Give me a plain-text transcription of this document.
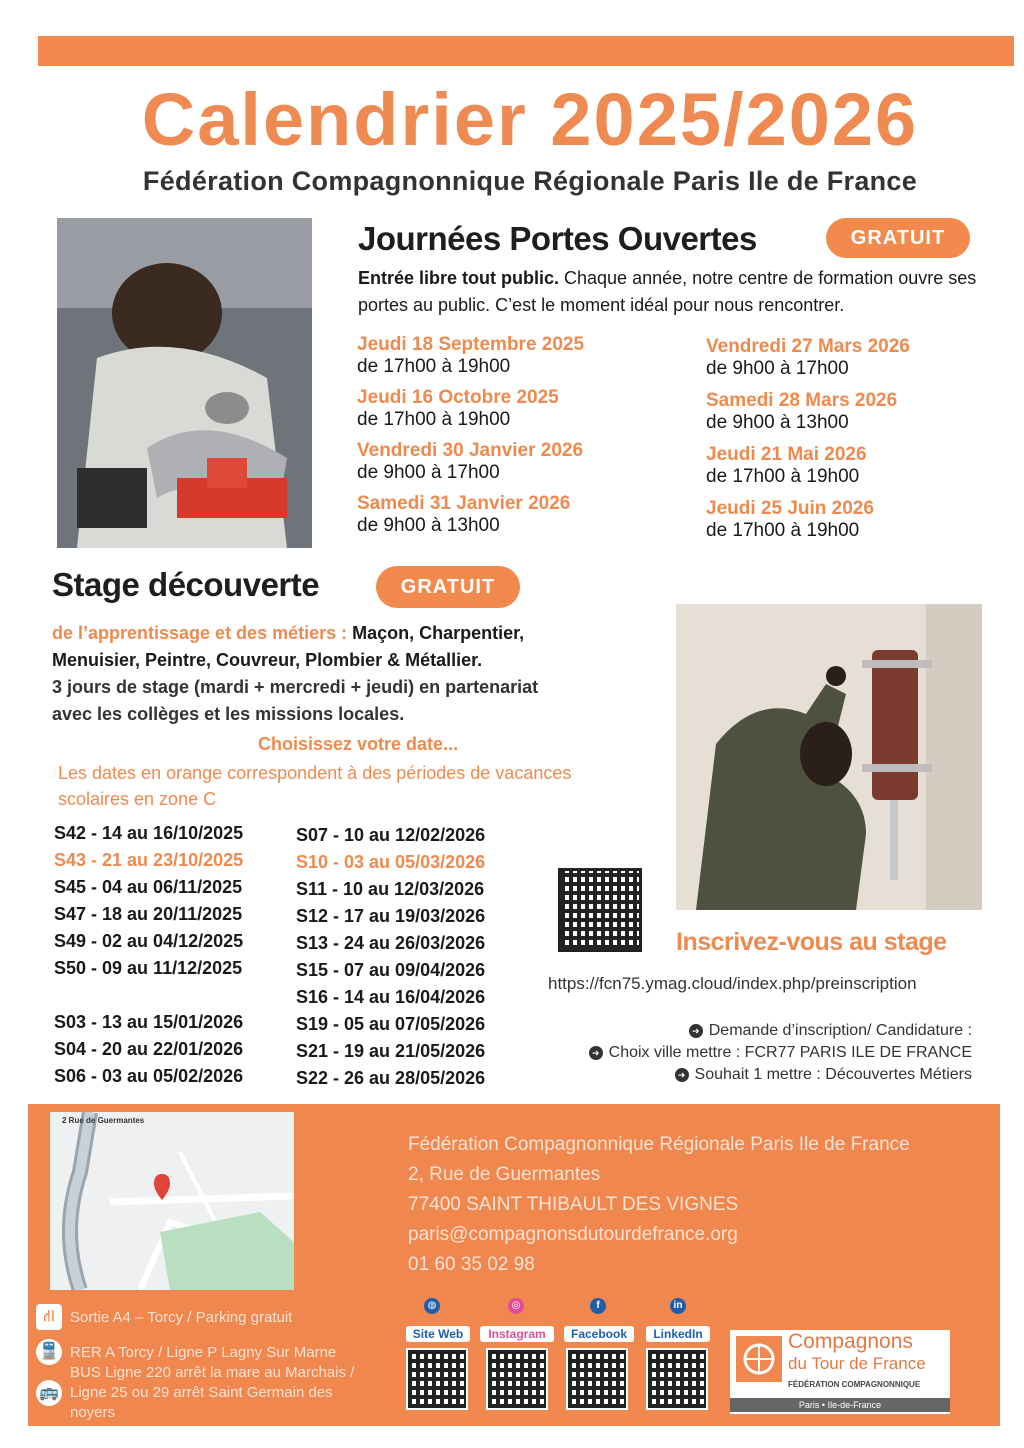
Calendrier 2025/2026
Fédération Compagnonnique Régionale Paris Ile de France
Journées Portes Ouvertes	GRATUIT
Entrée libre tout public. Chaque année, notre centre de formation ouvre ses portes au public. C’est le moment idéal pour nous rencontrer.
Jeudi 18 Septembre 2025
de 17h00 à 19h00
Jeudi 16 Octobre 2025
de 17h00 à 19h00
Vendredi 30 Janvier 2026
de 9h00 à 17h00
Samedi 31 Janvier 2026
de 9h00 à 13h00
Vendredi 27 Mars 2026
de 9h00 à 17h00
Samedi 28 Mars 2026
de 9h00 à 13h00
Jeudi 21 Mai 2026
de 17h00 à 19h00
Jeudi 25 Juin 2026
de 17h00 à 19h00
Stage découverte	GRATUIT
de l’apprentissage et des métiers : Maçon, Charpentier,
Menuisier, Peintre, Couvreur, Plombier & Métallier.
3 jours de stage (mardi + mercredi + jeudi) en partenariat
avec les collèges et les missions locales.
Choisissez votre date...
Les dates en orange correspondent à des périodes de vacances scolaires en zone C
S42 - 14 au 16/10/2025
S43 - 21 au 23/10/2025
S45 - 04 au 06/11/2025
S47 - 18 au 20/11/2025
S49 - 02 au 04/12/2025
S50 - 09 au 11/12/2025
S03 - 13 au 15/01/2026
S04 - 20 au 22/01/2026
S06 - 03 au 05/02/2026
S07 - 10 au 12/02/2026
S10 - 03 au 05/03/2026
S11 - 10 au 12/03/2026
S12 - 17 au 19/03/2026
S13 - 24 au 26/03/2026
S15 - 07 au 09/04/2026
S16 - 14 au 16/04/2026
S19 - 05 au 07/05/2026
S21 - 19 au 21/05/2026
S22 - 26 au 28/05/2026
Inscrivez-vous au stage
https://fcn75.ymag.cloud/index.php/preinscription
➜ Demande d’inscription/ Candidature :
➜ Choix ville mettre : FCR77 PARIS ILE DE FRANCE
➜ Souhait 1 mettre : Découvertes Métiers
2 Rue de Guermantes
Fédération Compagnonnique Régionale Paris Ile de France
2, Rue de Guermantes
77400 SAINT THIBAULT DES VIGNES
paris@compagnonsdutourdefrance.org
01 60 35 02 98
⛙	Sortie A4 – Torcy / Parking gratuit
🚆 RER A Torcy / Ligne P Lagny Sur Marne
🚌
BUS Ligne 220 arrêt la mare au Marchais / Ligne 25 ou 29 arrêt Saint Germain des noyers
◍	◎	f	in
Site Web	Instagram	Facebook	LinkedIn	Compagnons
du Tour de France
FÉDÉRATION COMPAGNONNIQUE
Paris • Ile-de-France
